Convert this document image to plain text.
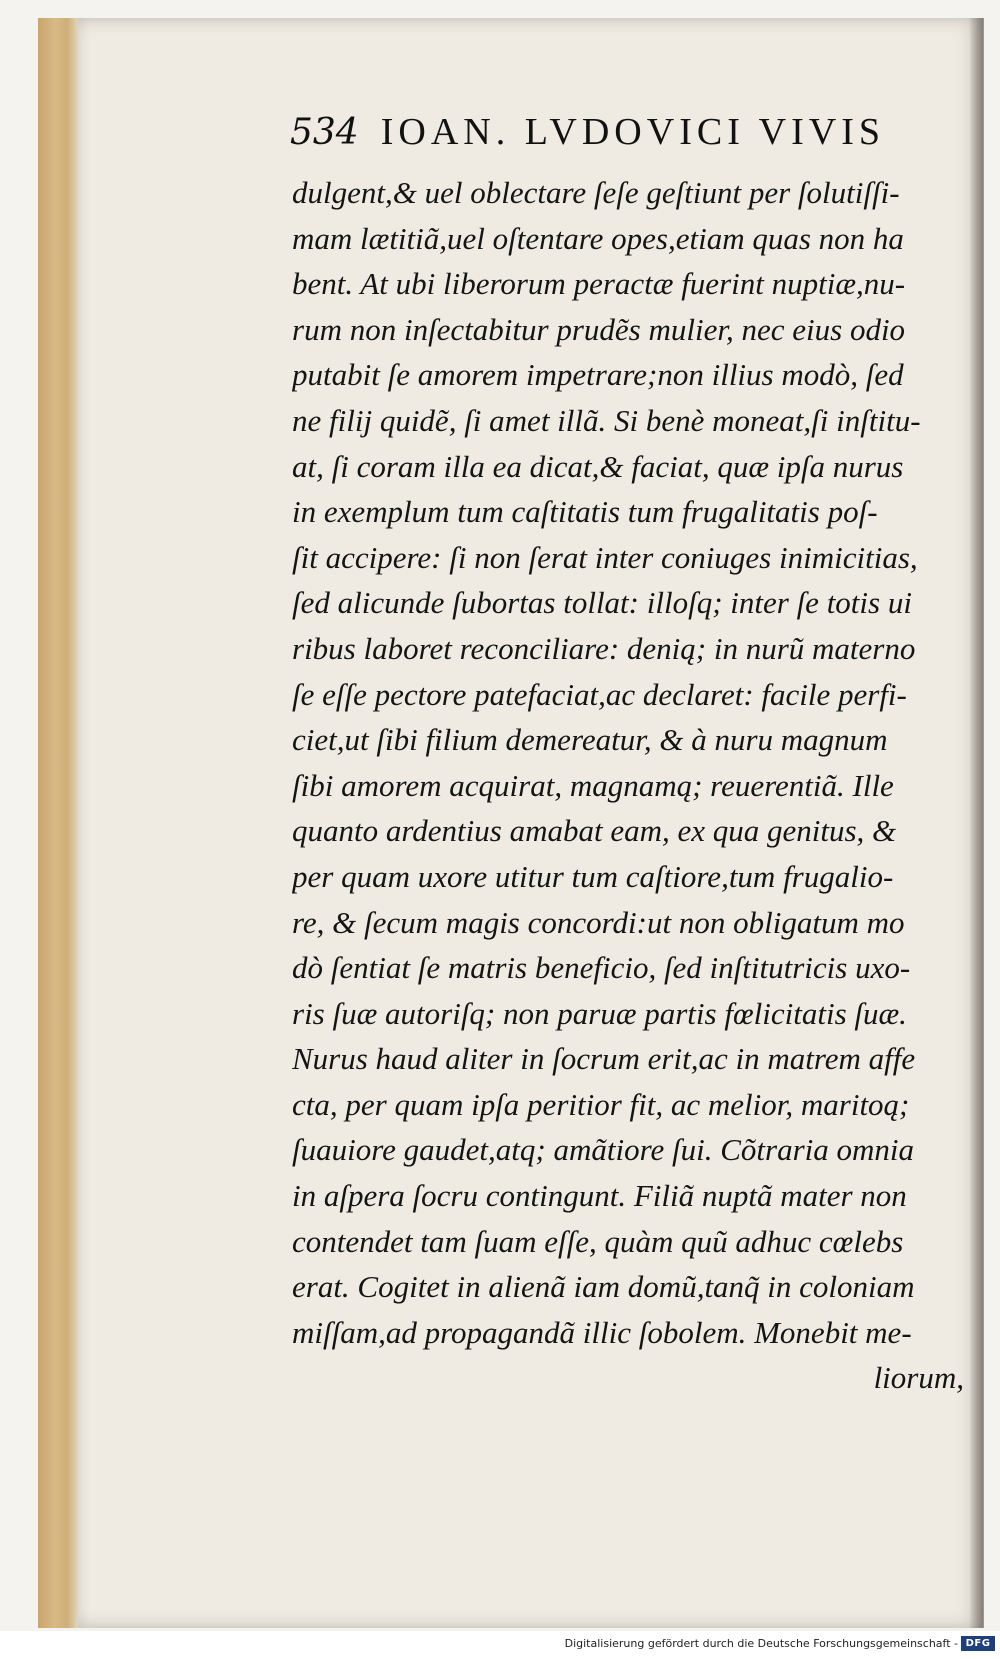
534 IOAN. LVDOVICI VIVIS
dulgent,& uel oblectare ſeſe geſtiunt per ſolutiſſi-
mam lætitiã,uel oſtentare opes,etiam quas non ha
bent. At ubi liberorum peractæ fuerint nuptiæ,nu-
rum non inſectabitur prudẽs mulier, nec eius odio
putabit ſe amorem impetrare;non illius modò, ſed
ne filij quidẽ, ſi amet illã. Si benè moneat,ſi inſtitu-
at, ſi coram illa ea dicat,& faciat, quæ ipſa nurus
in exemplum tum caſtitatis tum frugalitatis poſ-
ſit accipere: ſi non ſerat inter coniuges inimicitias,
ſed alicunde ſubortas tollat: illoſq; inter ſe totis ui
ribus laboret reconciliare: denią; in nurũ materno
ſe eſſe pectore patefaciat,ac declaret: facile perfi-
ciet,ut ſibi filium demereatur, & à nuru magnum
ſibi amorem acquirat, magnamą; reuerentiã. Ille
quanto ardentius amabat eam, ex qua genitus, &
per quam uxore utitur tum caſtiore,tum frugalio-
re, & ſecum magis concordi:ut non obligatum mo
dò ſentiat ſe matris beneficio, ſed inſtitutricis uxo-
ris ſuæ autoriſq; non paruæ partis fœlicitatis ſuæ.
Nurus haud aliter in ſocrum erit,ac in matrem affe
cta, per quam ipſa peritior fit, ac melior, maritoą;
ſuauiore gaudet,atq; amãtiore ſui. Cõtraria omnia
in aſpera ſocru contingunt. Filiã nuptã mater non
contendet tam ſuam eſſe, quàm quũ adhuc cœlebs
erat. Cogitet in alienã iam domũ,tanq̃ in coloniam
miſſam,ad propagandã illic ſobolem. Monebit me-
liorum,
Digitalisierung gefördert durch die Deutsche Forschungsgemeinschaft - DFG
